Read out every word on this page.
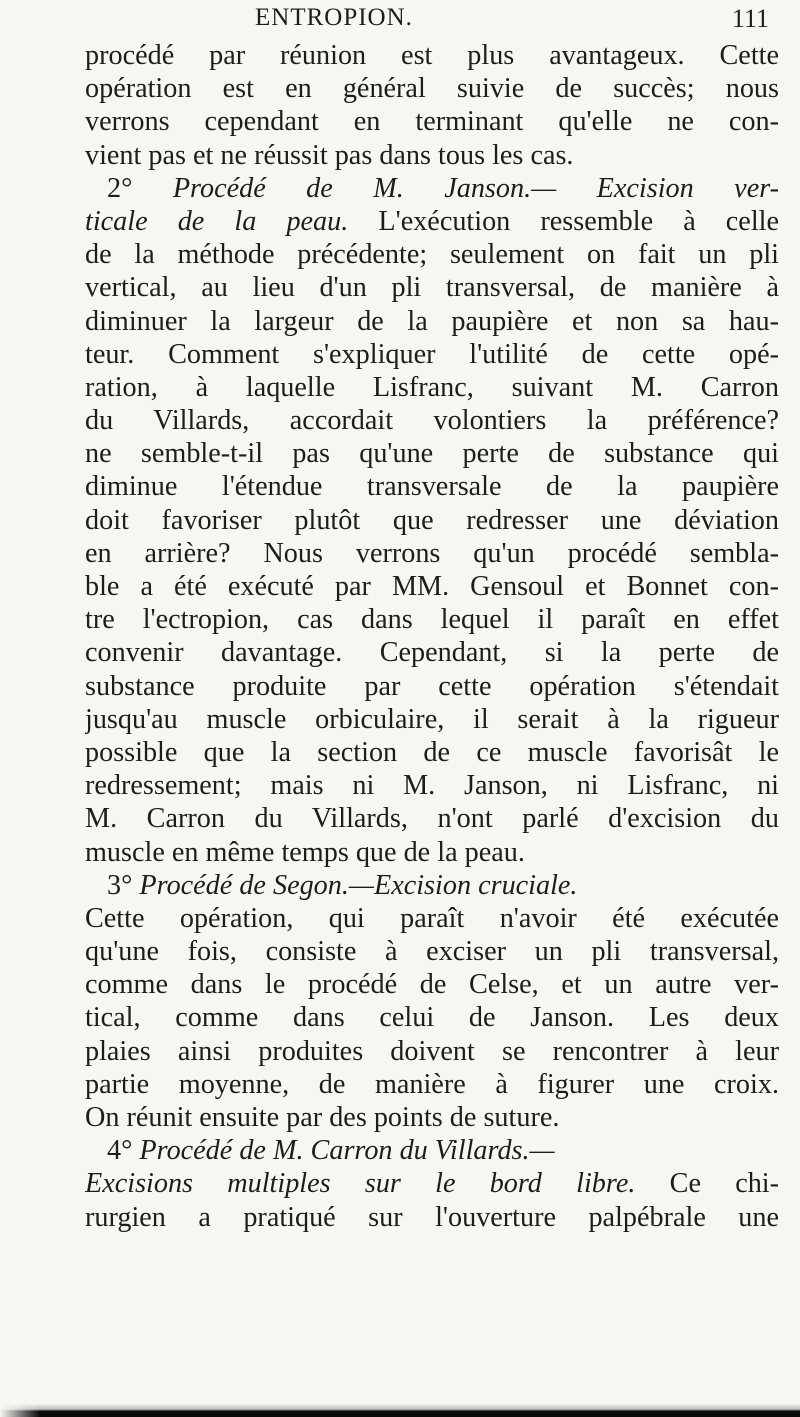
ENTROPION.	111
procédé par réunion est plus avantageux. Cette
opération est en général suivie de succès; nous
verrons cependant en terminant qu'elle ne con-
vient pas et ne réussit pas dans tous les cas.
2° Procédé de M. Janson.— Excision ver-
ticale de la peau. L'exécution ressemble à celle
de la méthode précédente; seulement on fait un pli
vertical, au lieu d'un pli transversal, de manière à
diminuer la largeur de la paupière et non sa hau-
teur. Comment s'expliquer l'utilité de cette opé-
ration, à laquelle Lisfranc, suivant M. Carron
du Villards, accordait volontiers la préférence?
ne semble-t-il pas qu'une perte de substance qui
diminue l'étendue transversale de la paupière
doit favoriser plutôt que redresser une déviation
en arrière? Nous verrons qu'un procédé sembla-
ble a été exécuté par MM. Gensoul et Bonnet con-
tre l'ectropion, cas dans lequel il paraît en effet
convenir davantage. Cependant, si la perte de
substance produite par cette opération s'étendait
jusqu'au muscle orbiculaire, il serait à la rigueur
possible que la section de ce muscle favorisât le
redressement; mais ni M. Janson, ni Lisfranc, ni
M. Carron du Villards, n'ont parlé d'excision du
muscle en même temps que de la peau.
3° Procédé de Segon.—Excision cruciale.
Cette opération, qui paraît n'avoir été exécutée
qu'une fois, consiste à exciser un pli transversal,
comme dans le procédé de Celse, et un autre ver-
tical, comme dans celui de Janson. Les deux
plaies ainsi produites doivent se rencontrer à leur
partie moyenne, de manière à figurer une croix.
On réunit ensuite par des points de suture.
4° Procédé de M. Carron du Villards.—
Excisions multiples sur le bord libre. Ce chi-
rurgien a pratiqué sur l'ouverture palpébrale une
